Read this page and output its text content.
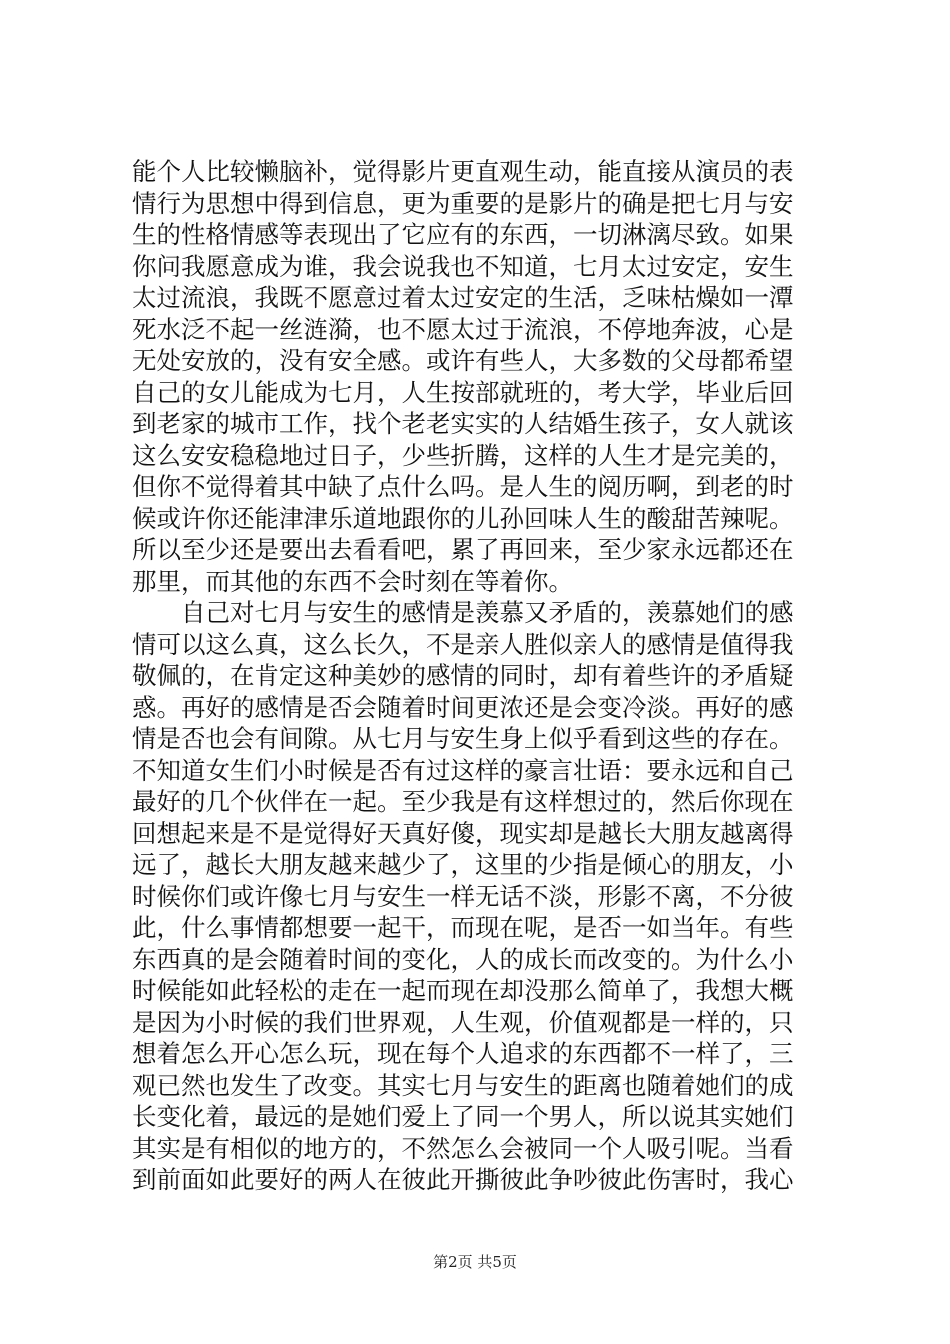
能个人比较懒脑补，觉得影片更直观生动，能直接从演员的表
情行为思想中得到信息，更为重要的是影片的确是把七月与安
生的性格情感等表现出了它应有的东西，一切淋漓尽致。如果
你问我愿意成为谁，我会说我也不知道，七月太过安定，安生
太过流浪，我既不愿意过着太过安定的生活，乏味枯燥如一潭
死水泛不起一丝涟漪，也不愿太过于流浪，不停地奔波，心是
无处安放的，没有安全感。或许有些人，大多数的父母都希望
自己的女儿能成为七月，人生按部就班的，考大学，毕业后回
到老家的城市工作，找个老老实实的人结婚生孩子，女人就该
这么安安稳稳地过日子，少些折腾，这样的人生才是完美的，
但你不觉得着其中缺了点什么吗。是人生的阅历啊，到老的时
候或许你还能津津乐道地跟你的儿孙回味人生的酸甜苦辣呢。
所以至少还是要出去看看吧，累了再回来，至少家永远都还在
那里，而其他的东西不会时刻在等着你。
自己对七月与安生的感情是羡慕又矛盾的，羡慕她们的感
情可以这么真，这么长久，不是亲人胜似亲人的感情是值得我
敬佩的，在肯定这种美妙的感情的同时，却有着些许的矛盾疑
惑。再好的感情是否会随着时间更浓还是会变冷淡。再好的感
情是否也会有间隙。从七月与安生身上似乎看到这些的存在。
不知道女生们小时候是否有过这样的豪言壮语：要永远和自己
最好的几个伙伴在一起。至少我是有这样想过的，然后你现在
回想起来是不是觉得好天真好傻，现实却是越长大朋友越离得
远了，越长大朋友越来越少了，这里的少指是倾心的朋友，小
时候你们或许像七月与安生一样无话不淡，形影不离，不分彼
此，什么事情都想要一起干，而现在呢，是否一如当年。有些
东西真的是会随着时间的变化，人的成长而改变的。为什么小
时候能如此轻松的走在一起而现在却没那么简单了，我想大概
是因为小时候的我们世界观，人生观，价值观都是一样的，只
想着怎么开心怎么玩，现在每个人追求的东西都不一样了，三
观已然也发生了改变。其实七月与安生的距离也随着她们的成
长变化着，最远的是她们爱上了同一个男人，所以说其实她们
其实是有相似的地方的，不然怎么会被同一个人吸引呢。当看
到前面如此要好的两人在彼此开撕彼此争吵彼此伤害时，我心
第2页 共5页
